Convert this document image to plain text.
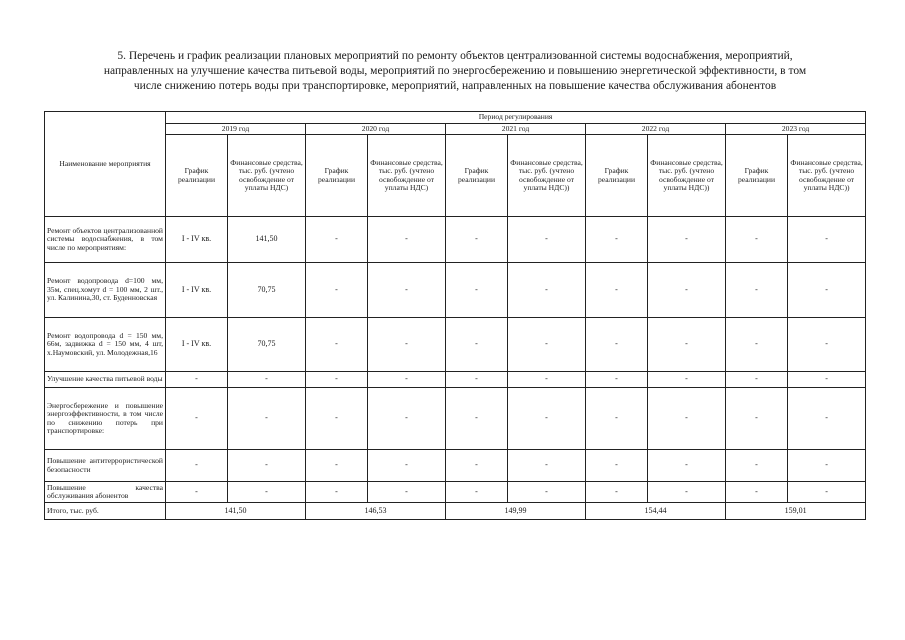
5. Перечень и график реализации плановых мероприятий по ремонту объектов централизованной системы водоснабжения, мероприятий,
направленных на улучшение качества питьевой воды, мероприятий по энергосбережению и повышению энергетической эффективности, в том
числе снижению потерь воды при транспортировке, мероприятий, направленных на повышение качества обслуживания абонентов
Наименование мероприятия	Период регулирования									
	2019 год		2020 год		2021 год		2022 год		2023 год	
	График реализации	Финансовые средства, тыс. руб. (учтено освобождение от уплаты НДС)	График реализации	Финансовые средства, тыс. руб. (учтено освобождение от уплаты НДС)	График реализации	Финансовые средства, тыс. руб. (учтено освобождение от уплаты НДС))	График реализации	Финансовые средства, тыс. руб. (учтено освобождение от уплаты НДС))	График реализации	Финансовые средства, тыс. руб. (учтено освобождение от уплаты НДС))
Ремонт объектов централизованной системы водоснабжения, в том числе по мероприятиям:	I - IV кв.	141,50	-	-	-	-	-	-	-	-
Ремонт водопровода d=100 мм, 35м, спец.хомут d = 100 мм, 2 шт., ул. Калинина,30, ст. Буденновская	I - IV кв.	70,75	-	-	-	-	-	-	-	-
Ремонт водопровода d = 150 мм, 66м, задвижка d = 150 мм, 4 шт, х.Наумовский, ул. Молодежная,16	I - IV кв.	70,75	-	-	-	-	-	-	-	-
Улучшение качества питьевой воды	-	-	-	-	-	-	-	-	-	-
Энергосбережение и повышение энергоэффективности, в том числе по снижению потерь при транспортировке:	-	-	-	-	-	-	-	-	-	-
Повышение антитеррористической безопасности	-	-	-	-	-	-	-	-	-	-
Повышение качества обслуживания абонентов	-	-	-	-	-	-	-	-	-	-
Итого, тыс. руб.	141,50		146,53		149,99		154,44		159,01	
